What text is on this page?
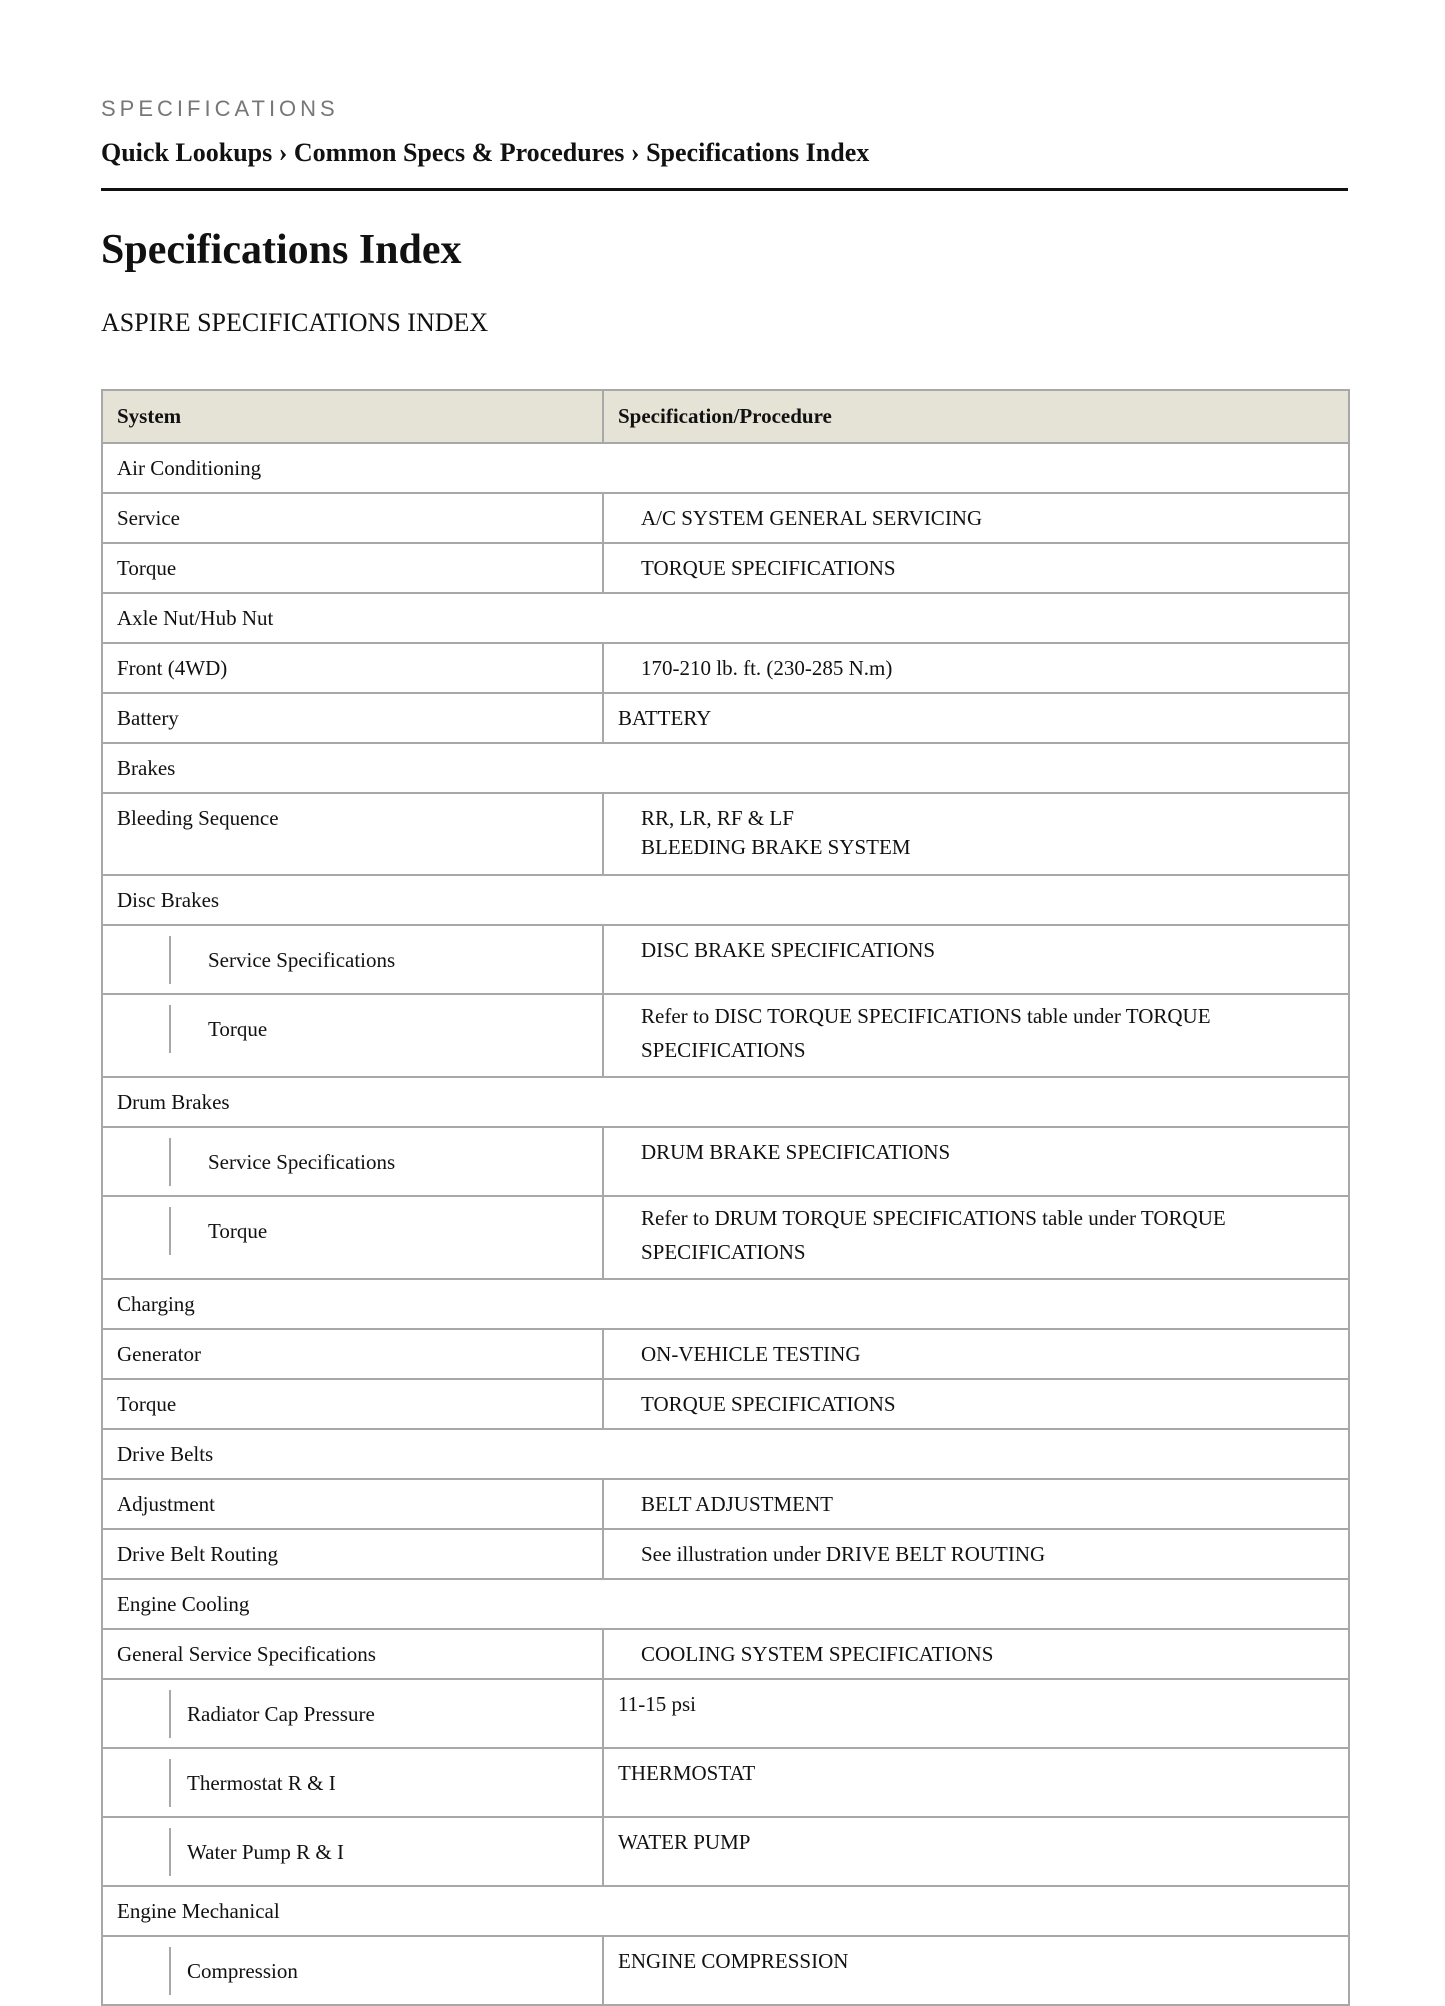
SPECIFICATIONS
Quick Lookups › Common Specs & Procedures › Specifications Index
Specifications Index
ASPIRE SPECIFICATIONS INDEX
System	Specification/Procedure
Air Conditioning	
Service	A/C SYSTEM GENERAL SERVICING
Torque	TORQUE SPECIFICATIONS
Axle Nut/Hub Nut	
Front (4WD)	170-210 lb. ft. (230-285 N.m)
Battery	BATTERY
Brakes	
Bleeding Sequence	RR, LR, RF & LF
BLEEDING BRAKE SYSTEM

Disc Brakes	

Service Specifications	DISC BRAKE SPECIFICATIONS

Torque	Refer to DISC TORQUE SPECIFICATIONS table under TORQUE SPECIFICATIONS
Drum Brakes	

Service Specifications	DRUM BRAKE SPECIFICATIONS

Torque	Refer to DRUM TORQUE SPECIFICATIONS table under TORQUE SPECIFICATIONS
Charging	
Generator	ON-VEHICLE TESTING
Torque	TORQUE SPECIFICATIONS
Drive Belts	
Adjustment	BELT ADJUSTMENT
Drive Belt Routing	See illustration under DRIVE BELT ROUTING
Engine Cooling	
General Service Specifications	COOLING SYSTEM SPECIFICATIONS

Radiator Cap Pressure	11-15 psi

Thermostat R & I	THERMOSTAT

Water Pump R & I	WATER PUMP
Engine Mechanical	

Compression	ENGINE COMPRESSION
